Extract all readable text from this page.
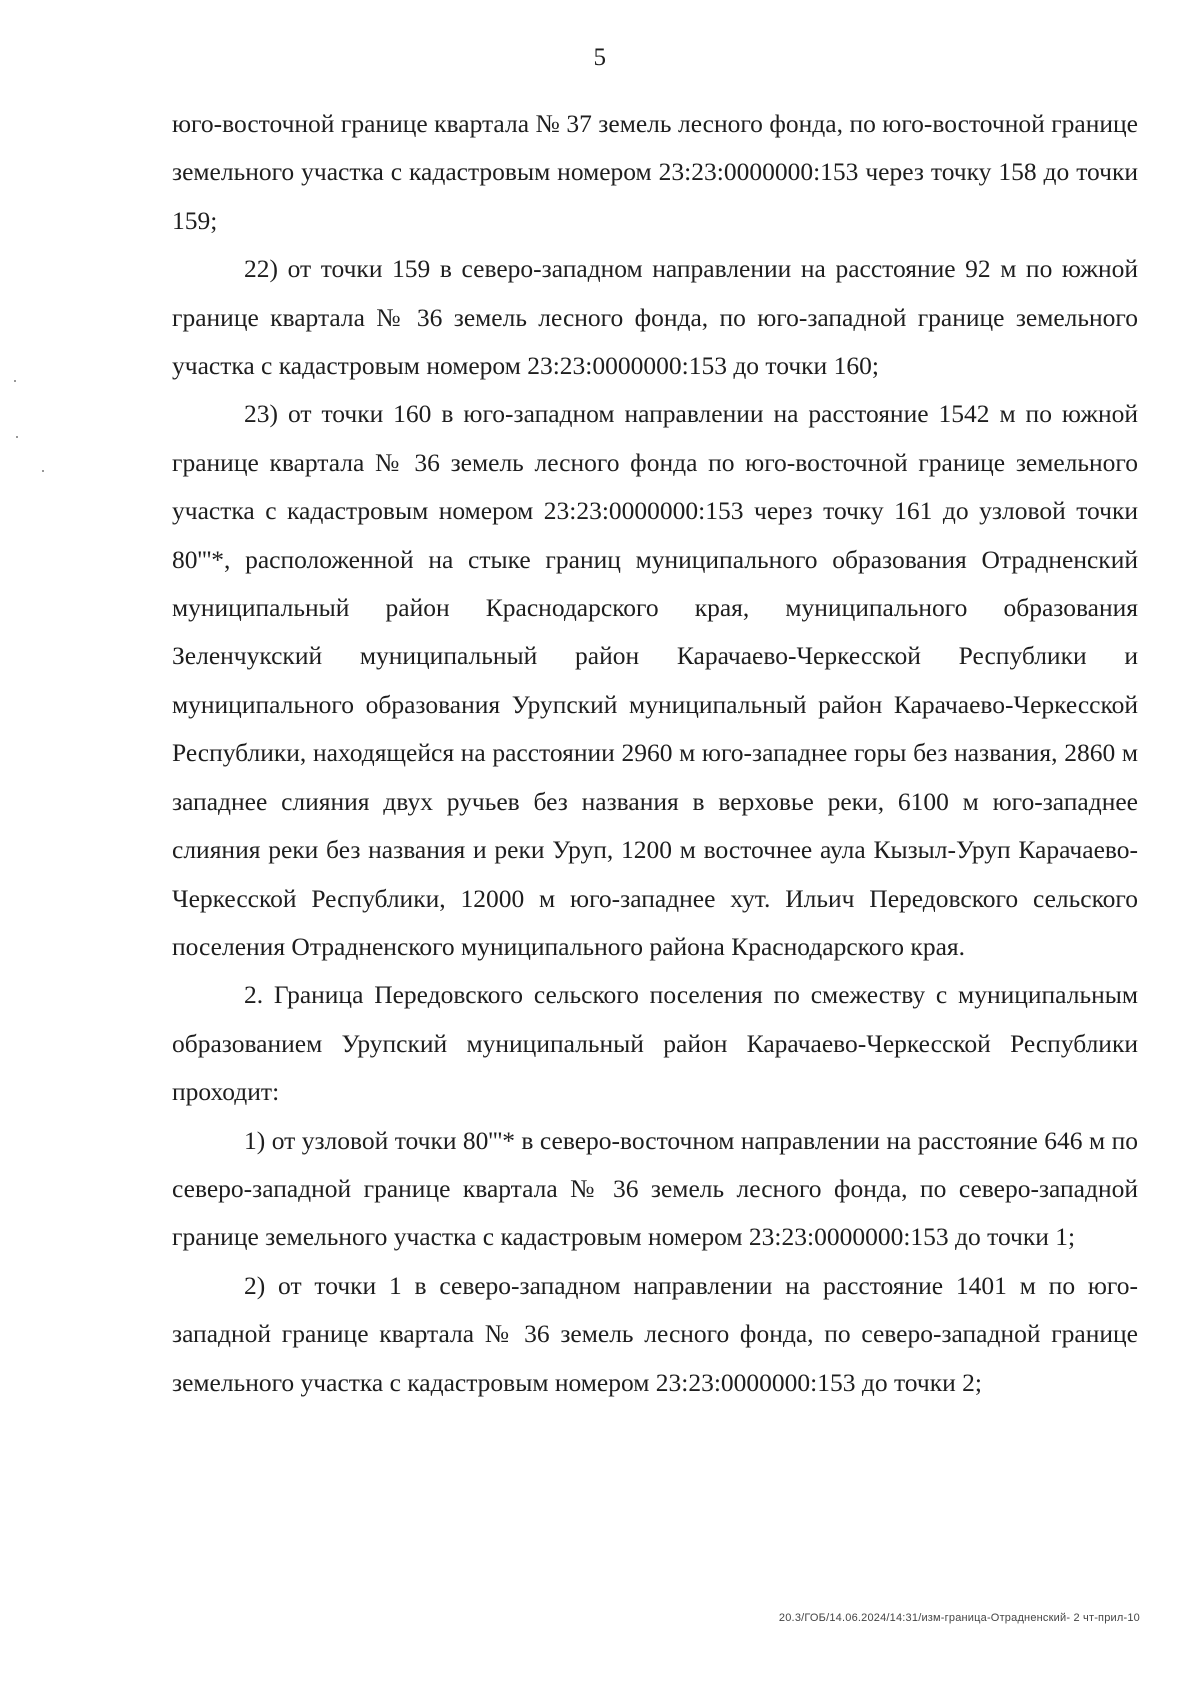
5

юго-восточной границе квартала № 37 земель лесного фонда, по юго-восточной границе земельного участка с кадастровым номером 23:23:0000000:153 через точку 158 до точки 159;

22) от точки 159 в северо-западном направлении на расстояние 92 м по южной границе квартала № 36 земель лесного фонда, по юго-западной границе земельного участка с кадастровым номером 23:23:0000000:153 до точки 160;

23) от точки 160 в юго-западном направлении на расстояние 1542 м по южной границе квартала № 36 земель лесного фонда по юго-восточной границе земельного участка с кадастровым номером 23:23:0000000:153 через точку 161 до узловой точки 80'''*, расположенной на стыке границ муниципального образования Отрадненский муниципальный район Краснодарского края, муниципального образования Зеленчукский муниципальный район Карачаево-Черкесской Республики и муниципального образования Урупский муниципальный район Карачаево-Черкесской Республики, находящейся на расстоянии 2960 м юго-западнее горы без названия, 2860 м западнее слияния двух ручьев без названия в верховье реки, 6100 м юго-западнее слияния реки без названия и реки Уруп, 1200 м восточнее аула Кызыл-Уруп Карачаево-Черкесской Республики, 12000 м юго-западнее хут. Ильич Передовского сельского поселения Отрадненского муниципального района Краснодарского края.

2. Граница Передовского сельского поселения по смежеству с муниципальным образованием Урупский муниципальный район Карачаево-Черкесской Республики проходит:

1) от узловой точки 80'''* в северо-восточном направлении на расстояние 646 м по северо-западной границе квартала № 36 земель лесного фонда, по северо-западной границе земельного участка с кадастровым номером 23:23:0000000:153 до точки 1;

2) от точки 1 в северо-западном направлении на расстояние 1401 м по юго-западной границе квартала № 36 земель лесного фонда, по северо-западной границе земельного участка с кадастровым номером 23:23:0000000:153 до точки 2;

20.3/ГОБ/14.06.2024/14:31/изм-граница-Отрадненский- 2 чт-прил-10
